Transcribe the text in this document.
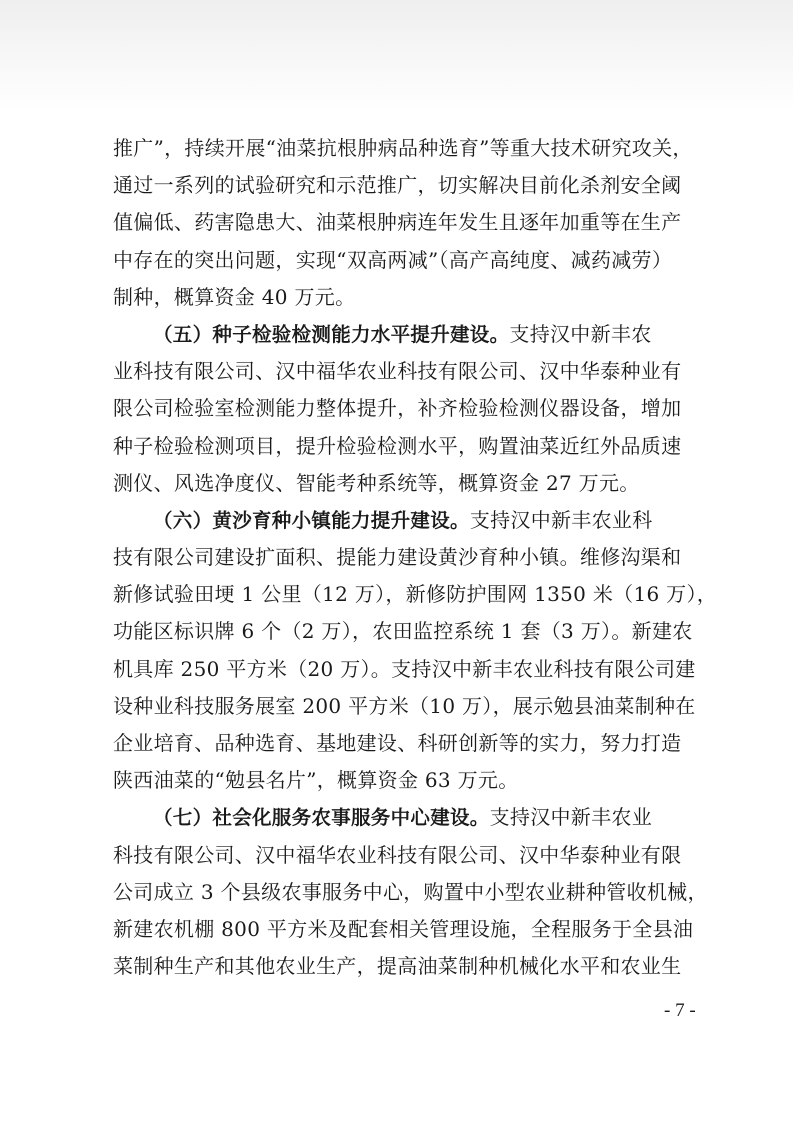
推广”，持续开展“油菜抗根肿病品种选育”等重大技术研究攻关，
通过一系列的试验研究和示范推广，切实解决目前化杀剂安全阈
值偏低、药害隐患大、油菜根肿病连年发生且逐年加重等在生产
中存在的突出问题，实现“双高两减”（高产高纯度、减药减劳）
制种，概算资金 40 万元。
（五）种子检验检测能力水平提升建设。支持汉中新丰农
业科技有限公司、汉中福华农业科技有限公司、汉中华泰种业有
限公司检验室检测能力整体提升，补齐检验检测仪器设备，增加
种子检验检测项目，提升检验检测水平，购置油菜近红外品质速
测仪、风选净度仪、智能考种系统等，概算资金 27 万元。
（六）黄沙育种小镇能力提升建设。支持汉中新丰农业科
技有限公司建设扩面积、提能力建设黄沙育种小镇。维修沟渠和
新修试验田埂 1 公里（12 万），新修防护围网 1350 米（16 万），
功能区标识牌 6 个（2 万），农田监控系统 1 套（3 万）。新建农
机具库 250 平方米（20 万）。支持汉中新丰农业科技有限公司建
设种业科技服务展室 200 平方米（10 万），展示勉县油菜制种在
企业培育、品种选育、基地建设、科研创新等的实力，努力打造
陕西油菜的“勉县名片”，概算资金 63 万元。
（七）社会化服务农事服务中心建设。支持汉中新丰农业
科技有限公司、汉中福华农业科技有限公司、汉中华泰种业有限
公司成立 3 个县级农事服务中心，购置中小型农业耕种管收机械，
新建农机棚 800 平方米及配套相关管理设施，全程服务于全县油
菜制种生产和其他农业生产，提高油菜制种机械化水平和农业生
- 7 -
